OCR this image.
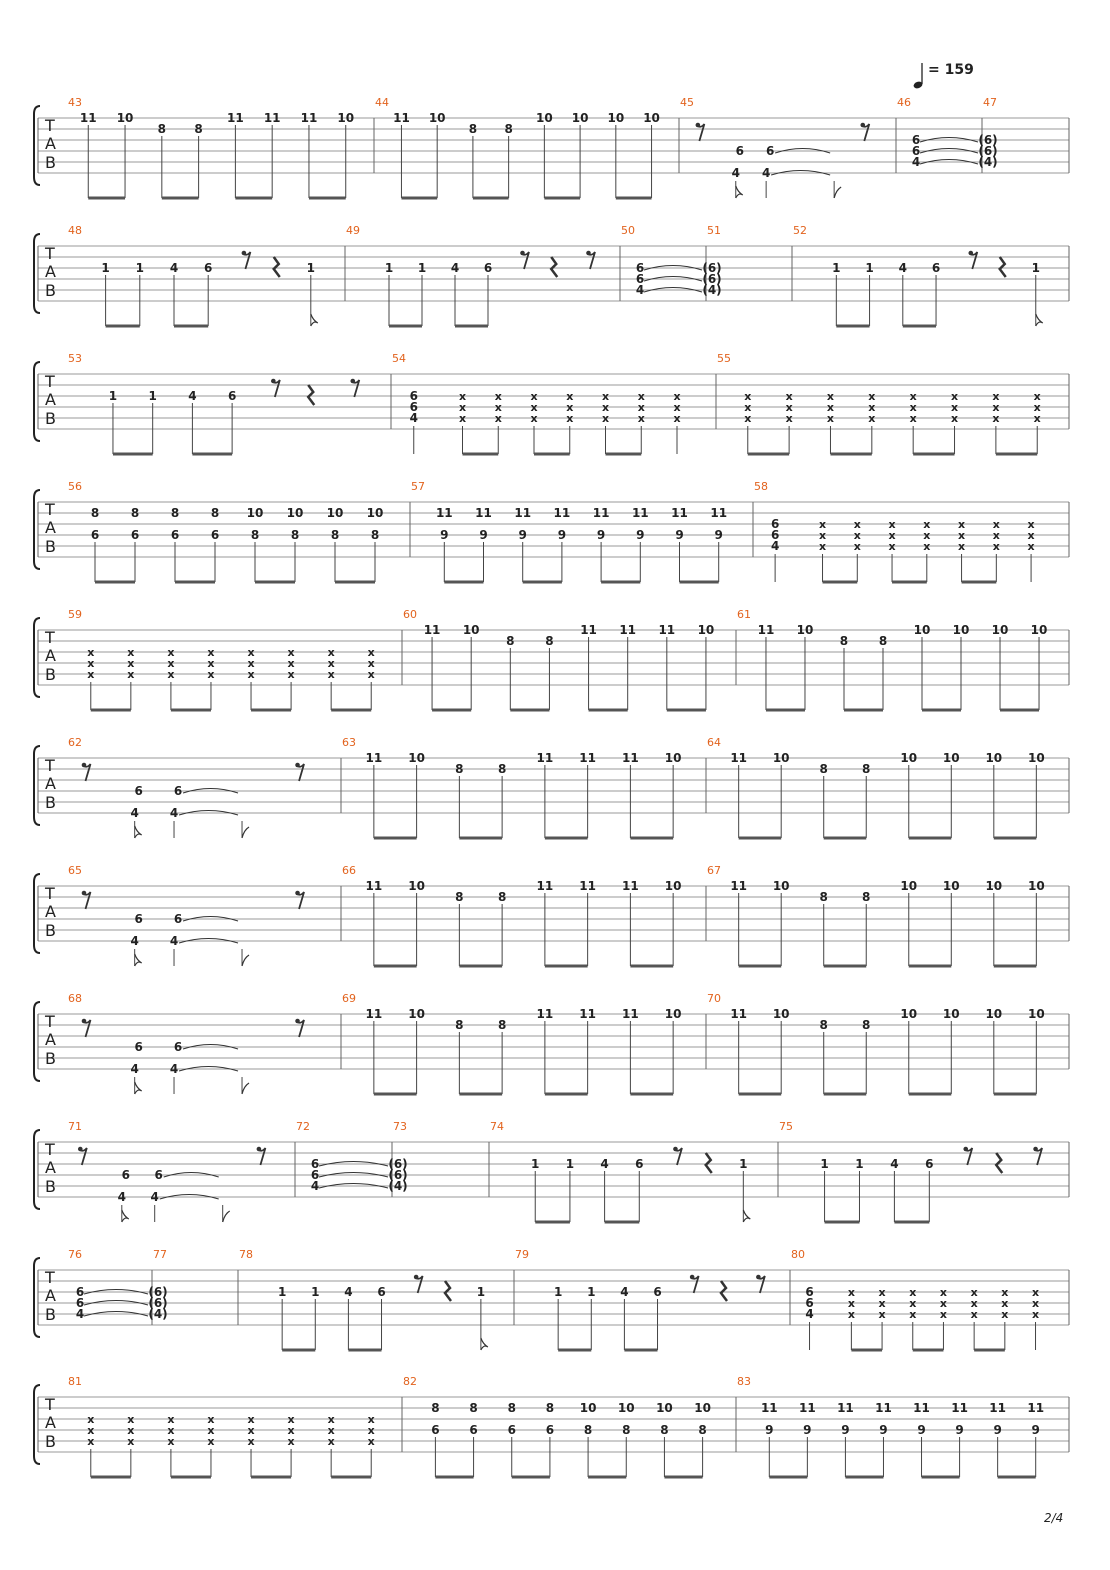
= 159
T
A
B
11 10
8 8
11 11 11 10	11 10
8 8
10 10 10 10
6 6
4 4
6	(6)
6	(6)
4	(4)
43	44	45	46	47
T
A
B
1 1 4 6	1	1 1 4 6	6	(6)
6	(6)
4	(4)
1 1 4 6	1
48	49	50	51	52
T
A
B
1	1	4	6	6
6
4
x
x
x
x
x
x
x
x
x
x
x
x
x
x
x
x
x
x
x
x
x
x
x
x
x
x
x
x
x
x
x
x
x
x
x
x
x
x
x
x
x
x
x
x
x
53	54	55
T
A
B
8
6
8
6
8
6
8
6
10
8
10
8
10
8
10
8
11
9
11
9
11
9
11
9
11
9
11
9
11
9
11
9
6
6
4
x
x
x
x
x
x
x
x
x
x
x
x
x
x
x
x
x
x
x
x
x
56	57	58
T
A
B
x
x
x
x
x
x
x
x
x
x
x
x
x
x
x
x
x
x
x
x
x
x
x
x
11 10
8	8
11 11 11 10	11 10
8	8
10 10 10 10
59	60	61
T
A
B
6	6
4	4
11 10
8	8
11 11 11 10	11 10
8	8
10 10 10 10
62	63	64
T
A
B
6	6
4	4
11 10
8	8
11 11 11 10	11 10
8	8
10 10 10 10
65	66	67
T
A
B
6	6
4	4
11 10
8	8
11 11 11 10	11 10
8	8
10 10 10 10
68	69	70
T
A
B
6 6
4 4
6	(6)
6	(6)
4	(4)
1 1 4 6	1	1 1 4 6
71	72	73	74	75
T
A
B
6	(6)
6	(6)
4	(4)
1 1 4 6	1	1 1 4 6	6
6
4
x
x
x
x
x
x
x
x
x
x
x
x
x
x
x
x
x
x
x
x
x
76	77	78	79	80
T
A
B
x
x
x
x
x
x
x
x
x
x
x
x
x
x
x
x
x
x
x
x
x
x
x
x
8
6
8
6
8
6
8
6
10
8
10
8
10
8
10
8
11
9
11
9
11
9
11
9
11
9
11
9
11
9
11
9
81	82	83
2/4
